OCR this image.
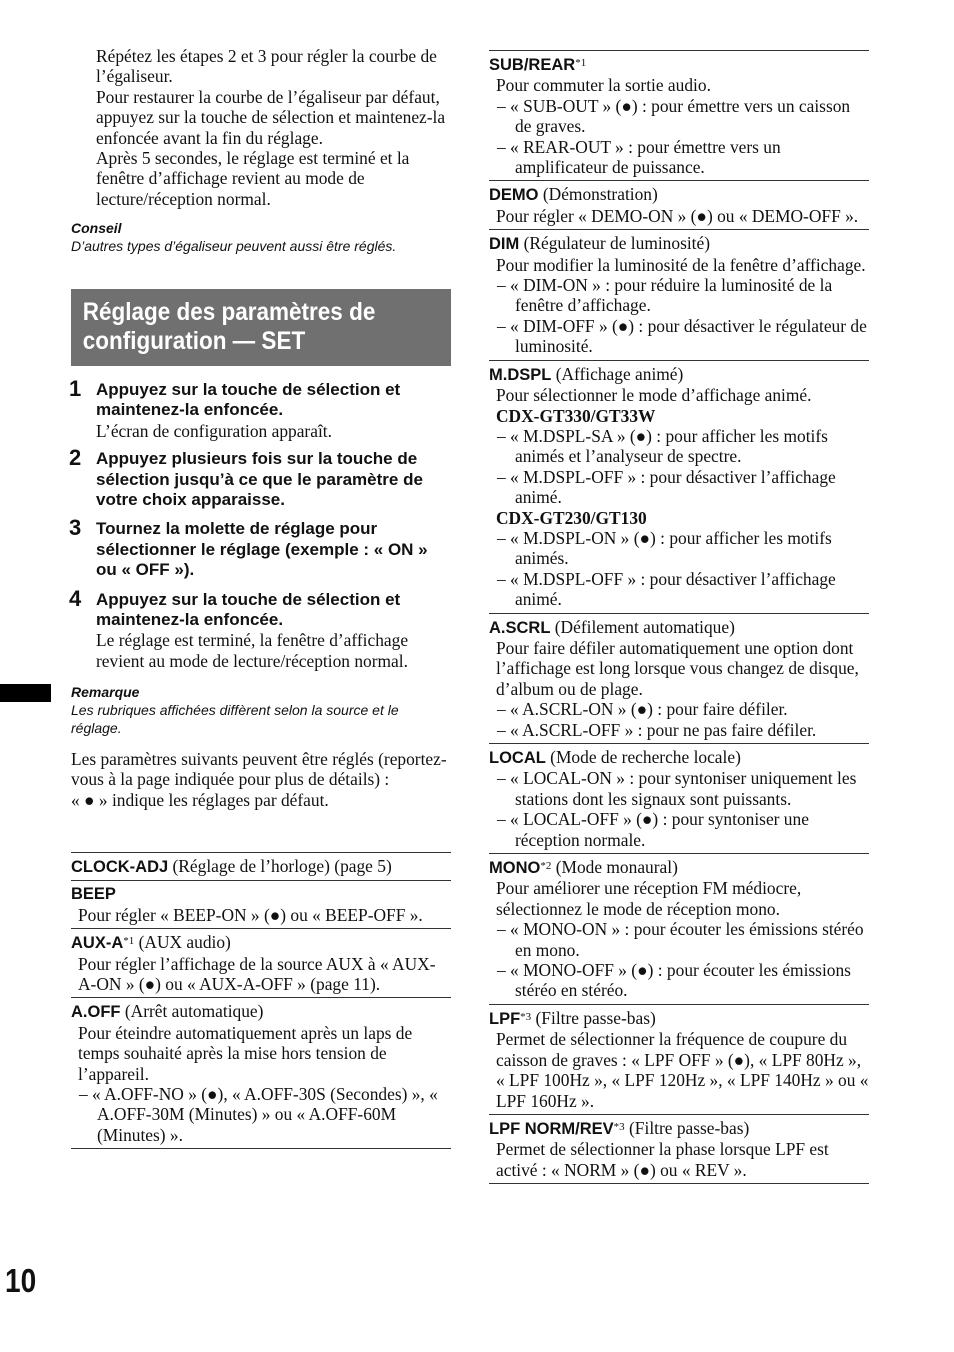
Répétez les étapes 2 et 3 pour régler la courbe de l’égaliseur.

Pour restaurer la courbe de l’égaliseur par défaut, appuyez sur la touche de sélection et maintenez-la enfoncée avant la fin du réglage.

Après 5 secondes, le réglage est terminé et la fenêtre d’affichage revient au mode de lecture/réception normal.

Conseil
D’autres types d’égaliseur peuvent aussi être réglés.
Réglage des paramètres de
configuration — SET
1 Appuyez sur la touche de sélection et maintenez-la enfoncée.
L’écran de configuration apparaît.
2 Appuyez plusieurs fois sur la touche de sélection jusqu’à ce que le paramètre de votre choix apparaisse.
3 Tournez la molette de réglage pour sélectionner le réglage (exemple : « ON » ou « OFF »).
4 Appuyez sur la touche de sélection et maintenez-la enfoncée.
Le réglage est terminé, la fenêtre d’affichage revient au mode de lecture/réception normal.
Remarque
Les rubriques affichées diffèrent selon la source et le réglage.

Les paramètres suivants peuvent être réglés (reportez-vous à la page indiquée pour plus de détails) :

« ● » indique les réglages par défaut.

CLOCK-ADJ (Réglage de l’horloge) (page 5)
BEEP
Pour régler « BEEP-ON » (●) ou « BEEP-OFF ».
AUX-$A^{*1}$ (AUX audio)
Pour régler l’affichage de la source AUX à « AUX-A-ON » (●) ou « AUX-A-OFF » (page 11).
A.OFF (Arrêt automatique)
Pour éteindre automatiquement après un laps de temps souhaité après la mise hors tension de l’appareil.
– « A.OFF-NO » (●), « A.OFF-30S (Secondes) », « A.OFF-30M (Minutes) » ou « A.OFF-60M (Minutes) ».
SUB/REAR$^{*1}$
Pour commuter la sortie audio.
– « SUB-OUT » (●) : pour émettre vers un caisson de graves.
– « REAR-OUT » : pour émettre vers un amplificateur de puissance.
DEMO (Démonstration)
Pour régler « DEMO-ON » (●) ou « DEMO-OFF ».
DIM (Régulateur de luminosité)
Pour modifier la luminosité de la fenêtre d’affichage.
– « DIM-ON » : pour réduire la luminosité de la fenêtre d’affichage.
– « DIM-OFF » (●) : pour désactiver le régulateur de luminosité.
M.DSPL (Affichage animé)
Pour sélectionner le mode d’affichage animé.
CDX-GT330/GT33W
– « M.DSPL-SA » (●) : pour afficher les motifs animés et l’analyseur de spectre.
– « M.DSPL-OFF » : pour désactiver l’affichage animé.
CDX-GT230/GT130
– « M.DSPL-ON » (●) : pour afficher les motifs animés.
– « M.DSPL-OFF » : pour désactiver l’affichage animé.
A.SCRL (Défilement automatique)
Pour faire défiler automatiquement une option dont l’affichage est long lorsque vous changez de disque, d’album ou de plage.
– « A.SCRL-ON » (●) : pour faire défiler.
– « A.SCRL-OFF » : pour ne pas faire défiler.
LOCAL (Mode de recherche locale)
– « LOCAL-ON » : pour syntoniser uniquement les stations dont les signaux sont puissants.
– « LOCAL-OFF » (●) : pour syntoniser une réception normale.
MONO$^{*2}$ (Mode monaural)
Pour améliorer une réception FM médiocre, sélectionnez le mode de réception mono.
– « MONO-ON » : pour écouter les émissions stéréo en mono.
– « MONO-OFF » (●) : pour écouter les émissions stéréo en stéréo.
LPF$^{*3}$ (Filtre passe-bas)
Permet de sélectionner la fréquence de coupure du caisson de graves : « LPF OFF » (●), « LPF 80Hz », « LPF 100Hz », « LPF 120Hz », « LPF 140Hz » ou « LPF 160Hz ».
LPF NORM/REV$^{*3}$ (Filtre passe-bas)
Permet de sélectionner la phase lorsque LPF est activé : « NORM » (●) ou « REV ».
10
